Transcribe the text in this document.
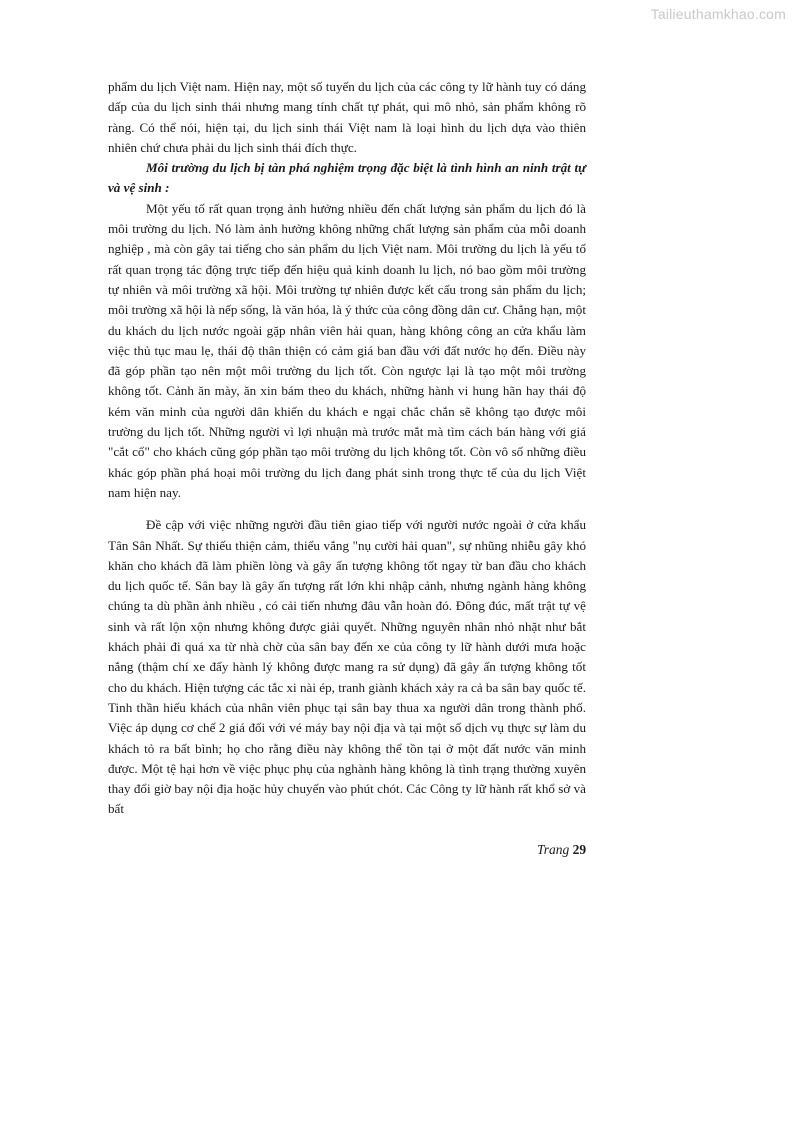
Tailieuthamkhao.com

phẩm du lịch Việt nam. Hiện nay, một số tuyến du lịch của các công ty lữ hành tuy có dáng dấp của du lịch sinh thái nhưng mang tính chất tự phát, qui mô nhỏ, sản phẩm không rõ ràng. Có thể nói, hiện tại, du lịch sinh thái Việt nam là loại hình du lịch dựa vào thiên nhiên chứ chưa phải du lịch sinh thái đích thực.

Môi trường du lịch bị tàn phá nghiệm trọng đặc biệt là tình hình an ninh trật tự và vệ sinh :

Một yếu tố rất quan trọng ảnh hưởng nhiều đến chất lượng sản phẩm du lịch đó là môi trường du lịch. Nó làm ảnh hưởng không những chất lượng sản phẩm của mỗi doanh nghiệp , mà còn gây tai tiếng cho sản phẩm du lịch Việt nam. Môi trường du lịch là yếu tố rất quan trọng tác động trực tiếp đến hiệu quả kinh doanh lu lịch, nó bao gồm môi trường tự nhiên và môi trường xã hội. Môi trường tự nhiên được kết cấu trong sản phẩm du lịch; môi trường xã hội là nếp sống, là văn hóa, là ý thức của công đồng dân cư. Chẳng hạn, một du khách du lịch nước ngoài gặp nhân viên hải quan, hàng không công an cửa khẩu làm việc thủ tục mau lẹ, thái độ thân thiện có cảm giá ban đầu với đất nước họ đến. Điều này đã góp phần tạo nên một môi trường du lịch tốt. Còn ngược lại là tạo một môi trường không tốt. Cảnh ăn mày, ăn xin bám theo du khách, những hành vi hung hãn hay thái độ kém văn minh của người dân khiến du khách e ngại chắc chắn sẽ không tạo được môi trường du lịch tốt. Những người vì lợi nhuận mà trước mắt mà tìm cách bán hàng với giá "cắt cổ" cho khách cũng góp phần tạo môi trường du lịch không tốt. Còn vô số những điều khác góp phần phá hoại môi trường du lịch đang phát sinh trong thực tế của du lịch Việt nam hiện nay.

Đề cập với việc những người đầu tiên giao tiếp với người nước ngoài ở cửa khẩu Tân Sân Nhất. Sự thiếu thiện cảm, thiếu vắng "nụ cười hải quan", sự nhũng nhiễu gây khó khăn cho khách đã làm phiền lòng và gây ấn tượng không tốt ngay từ ban đầu cho khách du lịch quốc tế. Sân bay là gây ấn tượng rất lớn khi nhập cảnh, nhưng ngành hàng không chúng ta dù phần ảnh nhiều , có cải tiến nhưng đâu vẫn hoàn đó. Đông đúc, mất trật tự vệ sinh và rất lộn xộn nhưng không được giải quyết. Những nguyên nhân nhỏ nhặt như bắt khách phải đi quá xa từ nhà chờ của sân bay đến xe của công ty lữ hành dưới mưa hoặc nắng (thậm chí xe đẩy hành lý không được mang ra sử dụng) đã gây ấn tượng không tốt cho du khách. Hiện tượng các tắc xi nài ép, tranh giành khách xảy ra cả ba sân bay quốc tế. Tinh thần hiếu khách của nhân viên phục tại sân bay thua xa người dân trong thành phố. Việc áp dụng cơ chế 2 giá đối với vé máy bay nội địa và tại một số dịch vụ thực sự làm du khách tỏ ra bất bình; họ cho rằng điều này không thể tồn tại ở một đất nước văn minh được. Một tệ hại hơn về việc phục phụ của nghành hàng không là tình trạng thường xuyên thay đổi giờ bay nội địa hoặc hủy chuyến vào phút chót. Các Công ty lữ hành rất khổ sở và bất

Trang 29
